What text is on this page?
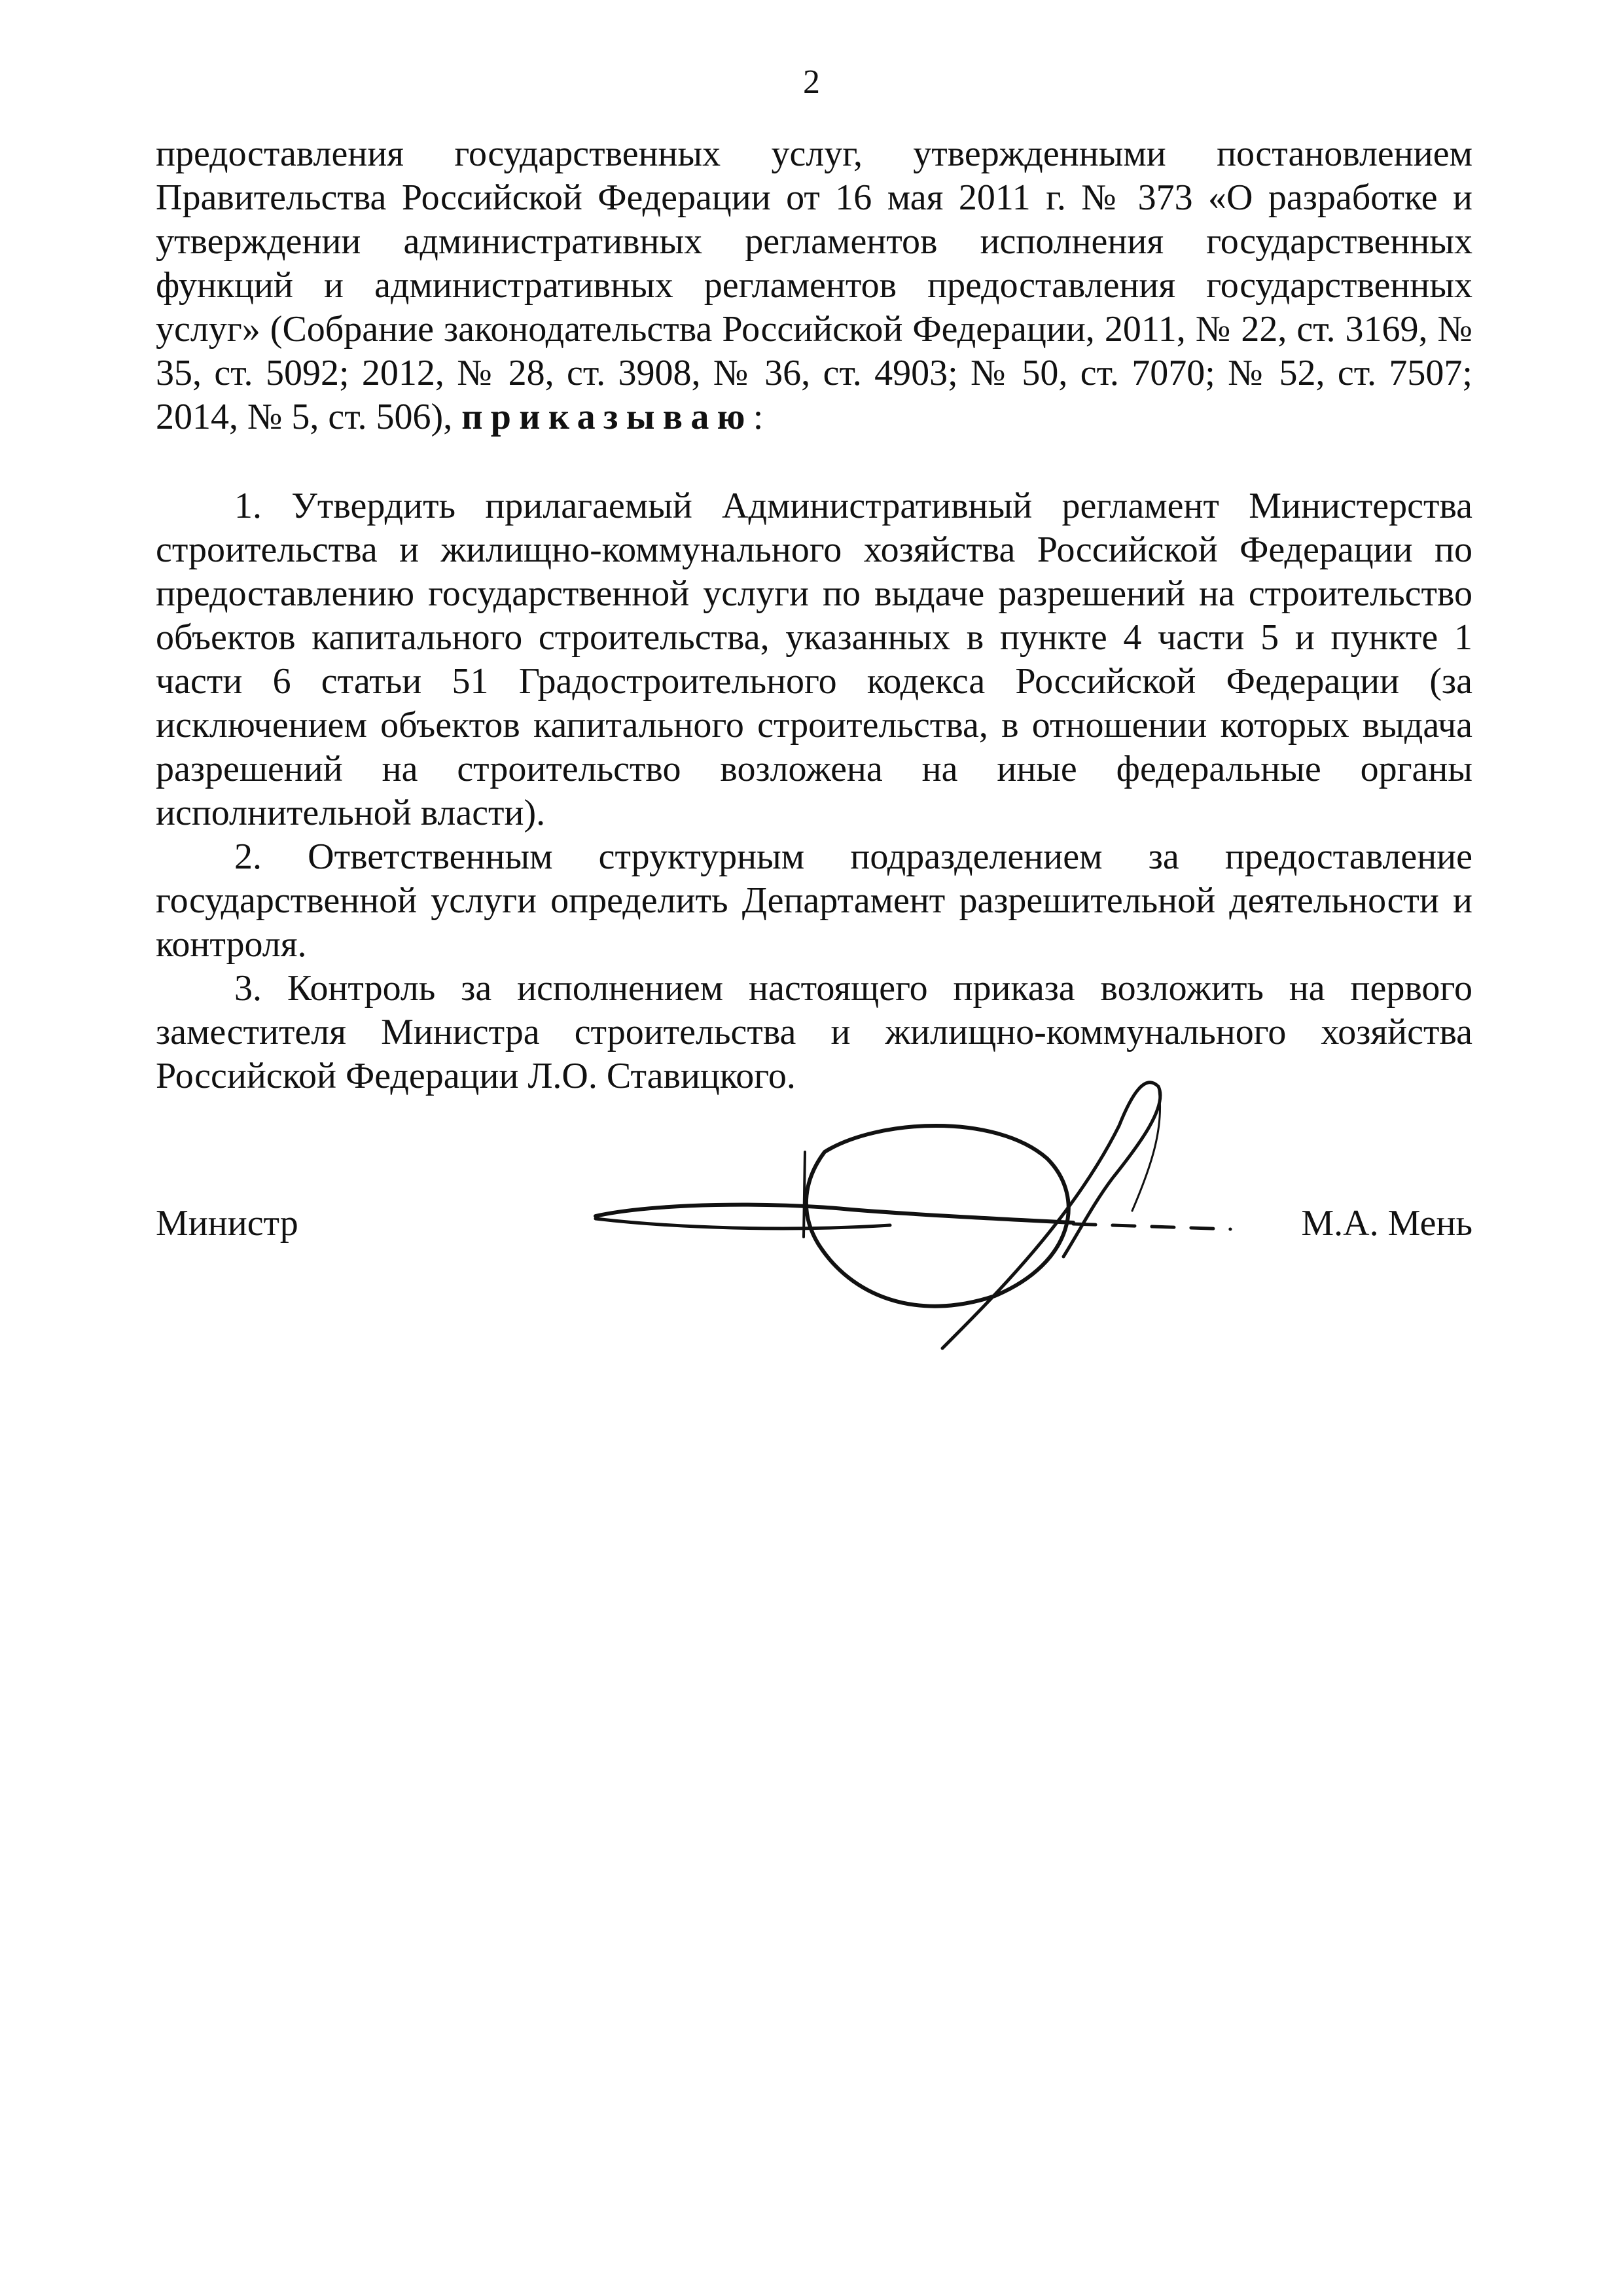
2

предоставления государственных услуг, утвержденными постановлением Правительства Российской Федерации от 16 мая 2011 г. № 373 «О разработке и утверждении административных регламентов исполнения государственных функций и административных регламентов предоставления государственных услуг» (Собрание законодательства Российской Федерации, 2011, № 22, ст. 3169, № 35, ст. 5092; 2012, № 28, ст. 3908, № 36, ст. 4903; № 50, ст. 7070; № 52, ст. 7507; 2014, № 5, ст. 506), приказываю:

1. Утвердить прилагаемый Административный регламент Министерства строительства и жилищно-коммунального хозяйства Российской Федерации по предоставлению государственной услуги по выдаче разрешений на строительство объектов капитального строительства, указанных в пункте 4 части 5 и пункте 1 части 6 статьи 51 Градостроительного кодекса Российской Федерации (за исключением объектов капитального строительства, в отношении которых выдача разрешений на строительство возложена на иные федеральные органы исполнительной власти).

2. Ответственным структурным подразделением за предоставление государственной услуги определить Департамент разрешительной деятельности и контроля.

3. Контроль за исполнением настоящего приказа возложить на первого заместителя Министра строительства и жилищно-коммунального хозяйства Российской Федерации Л.О. Ставицкого.

Министр	М.А. Мень
